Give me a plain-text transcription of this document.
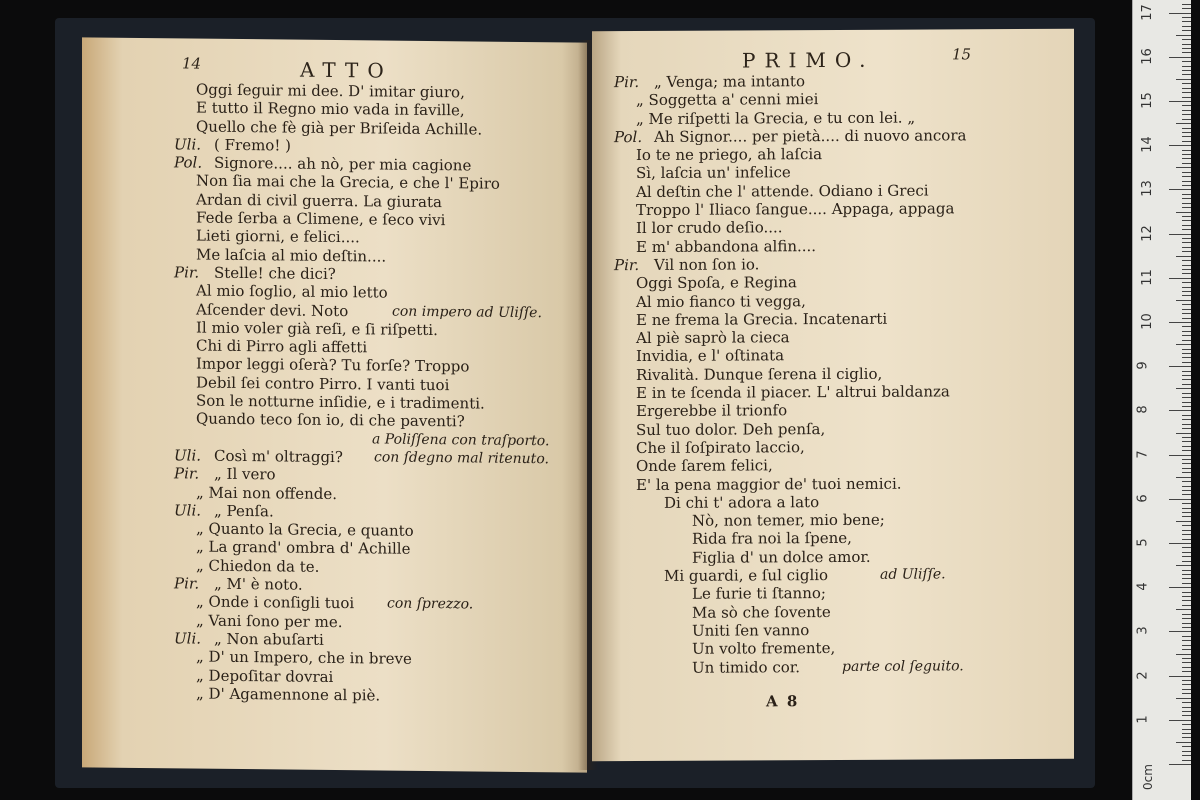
14	ATTO
Oggi ſeguir mi dee. D' imitar giuro,
E tutto il Regno mio vada in faville,
Quello che fè già per Briſeida Achille.
Uli. ( Fremo! )
Pol. Signore.... ah nò, per mia cagione
Non ſia mai che la Grecia, e che l' Epiro
Ardan di civil guerra. La giurata
Fede ſerba a Climene, e ſeco vivi
Lieti giorni, e felici....
Me laſcia al mio deſtin....
Pir. Stelle! che dici?
Al mio ſoglio, al mio letto
Aſcender devi. Noto	con impero ad Uliſſe.
Il mio voler già reſi, e ſi riſpetti.
Chi di Pirro agli affetti
Impor leggi oſerà? Tu forſe? Troppo
Debil ſei contro Pirro. I vanti tuoi
Son le notturne inſidie, e i tradimenti.
Quando teco ſon io, di che paventi?
a Poliſſena con traſporto.
Uli. Così m' oltraggi? con ſdegno mal ritenuto.
Pir. „ Il vero
„ Mai non offende.
Uli. „ Penſa.
„ Quanto la Grecia, e quanto
„ La grand' ombra d' Achille
„ Chiedon da te.
Pir. „ M' è noto.
„ Onde i conſigli tuoi con ſprezzo.
„ Vani ſono per me.
Uli. „ Non abuſarti
„ D' un Impero, che in breve
„ Depoſitar dovrai
„ D' Agamennone al piè.
PRIMO.	15
Pir. „ Venga; ma intanto
„ Soggetta a' cenni miei
„ Me riſpetti la Grecia, e tu con lei. „
Pol. Ah Signor.... per pietà.... di nuovo ancora
Io te ne priego, ah laſcia
Sì, laſcia un' infelice
Al deſtin che l' attende. Odiano i Greci
Troppo l' Iliaco ſangue.... Appaga, appaga
Il lor crudo deſio....
E m' abbandona alfin....
Pir. Vil non ſon io.
Oggi Spoſa, e Regina
Al mio fianco ti vegga,
E ne frema la Grecia. Incatenarti
Al piè saprò la cieca
Invidia, e l' oſtinata
Rivalità. Dunque ſerena il ciglio,
E in te ſcenda il piacer. L' altrui baldanza
Ergerebbe il trionfo
Sul tuo dolor. Deh penſa,
Che il ſoſpirato laccio,
Onde ſarem felici,
E' la pena maggior de' tuoi nemici.
Di chi t' adora a lato
Nò, non temer, mio bene;
Rida fra noi la ſpene,
Figlia d' un dolce amor.
Mi guardi, e ſul ciglio	ad Uliſſe.
Le furie ti ſtanno;
Ma sò che ſovente
Uniti ſen vanno
Un volto fremente,
Un timido cor.	parte col ſeguito.
A 8
0cm
1
2
3
4
5
6
7
8
9
10
11
12
13
14
15
16
17
